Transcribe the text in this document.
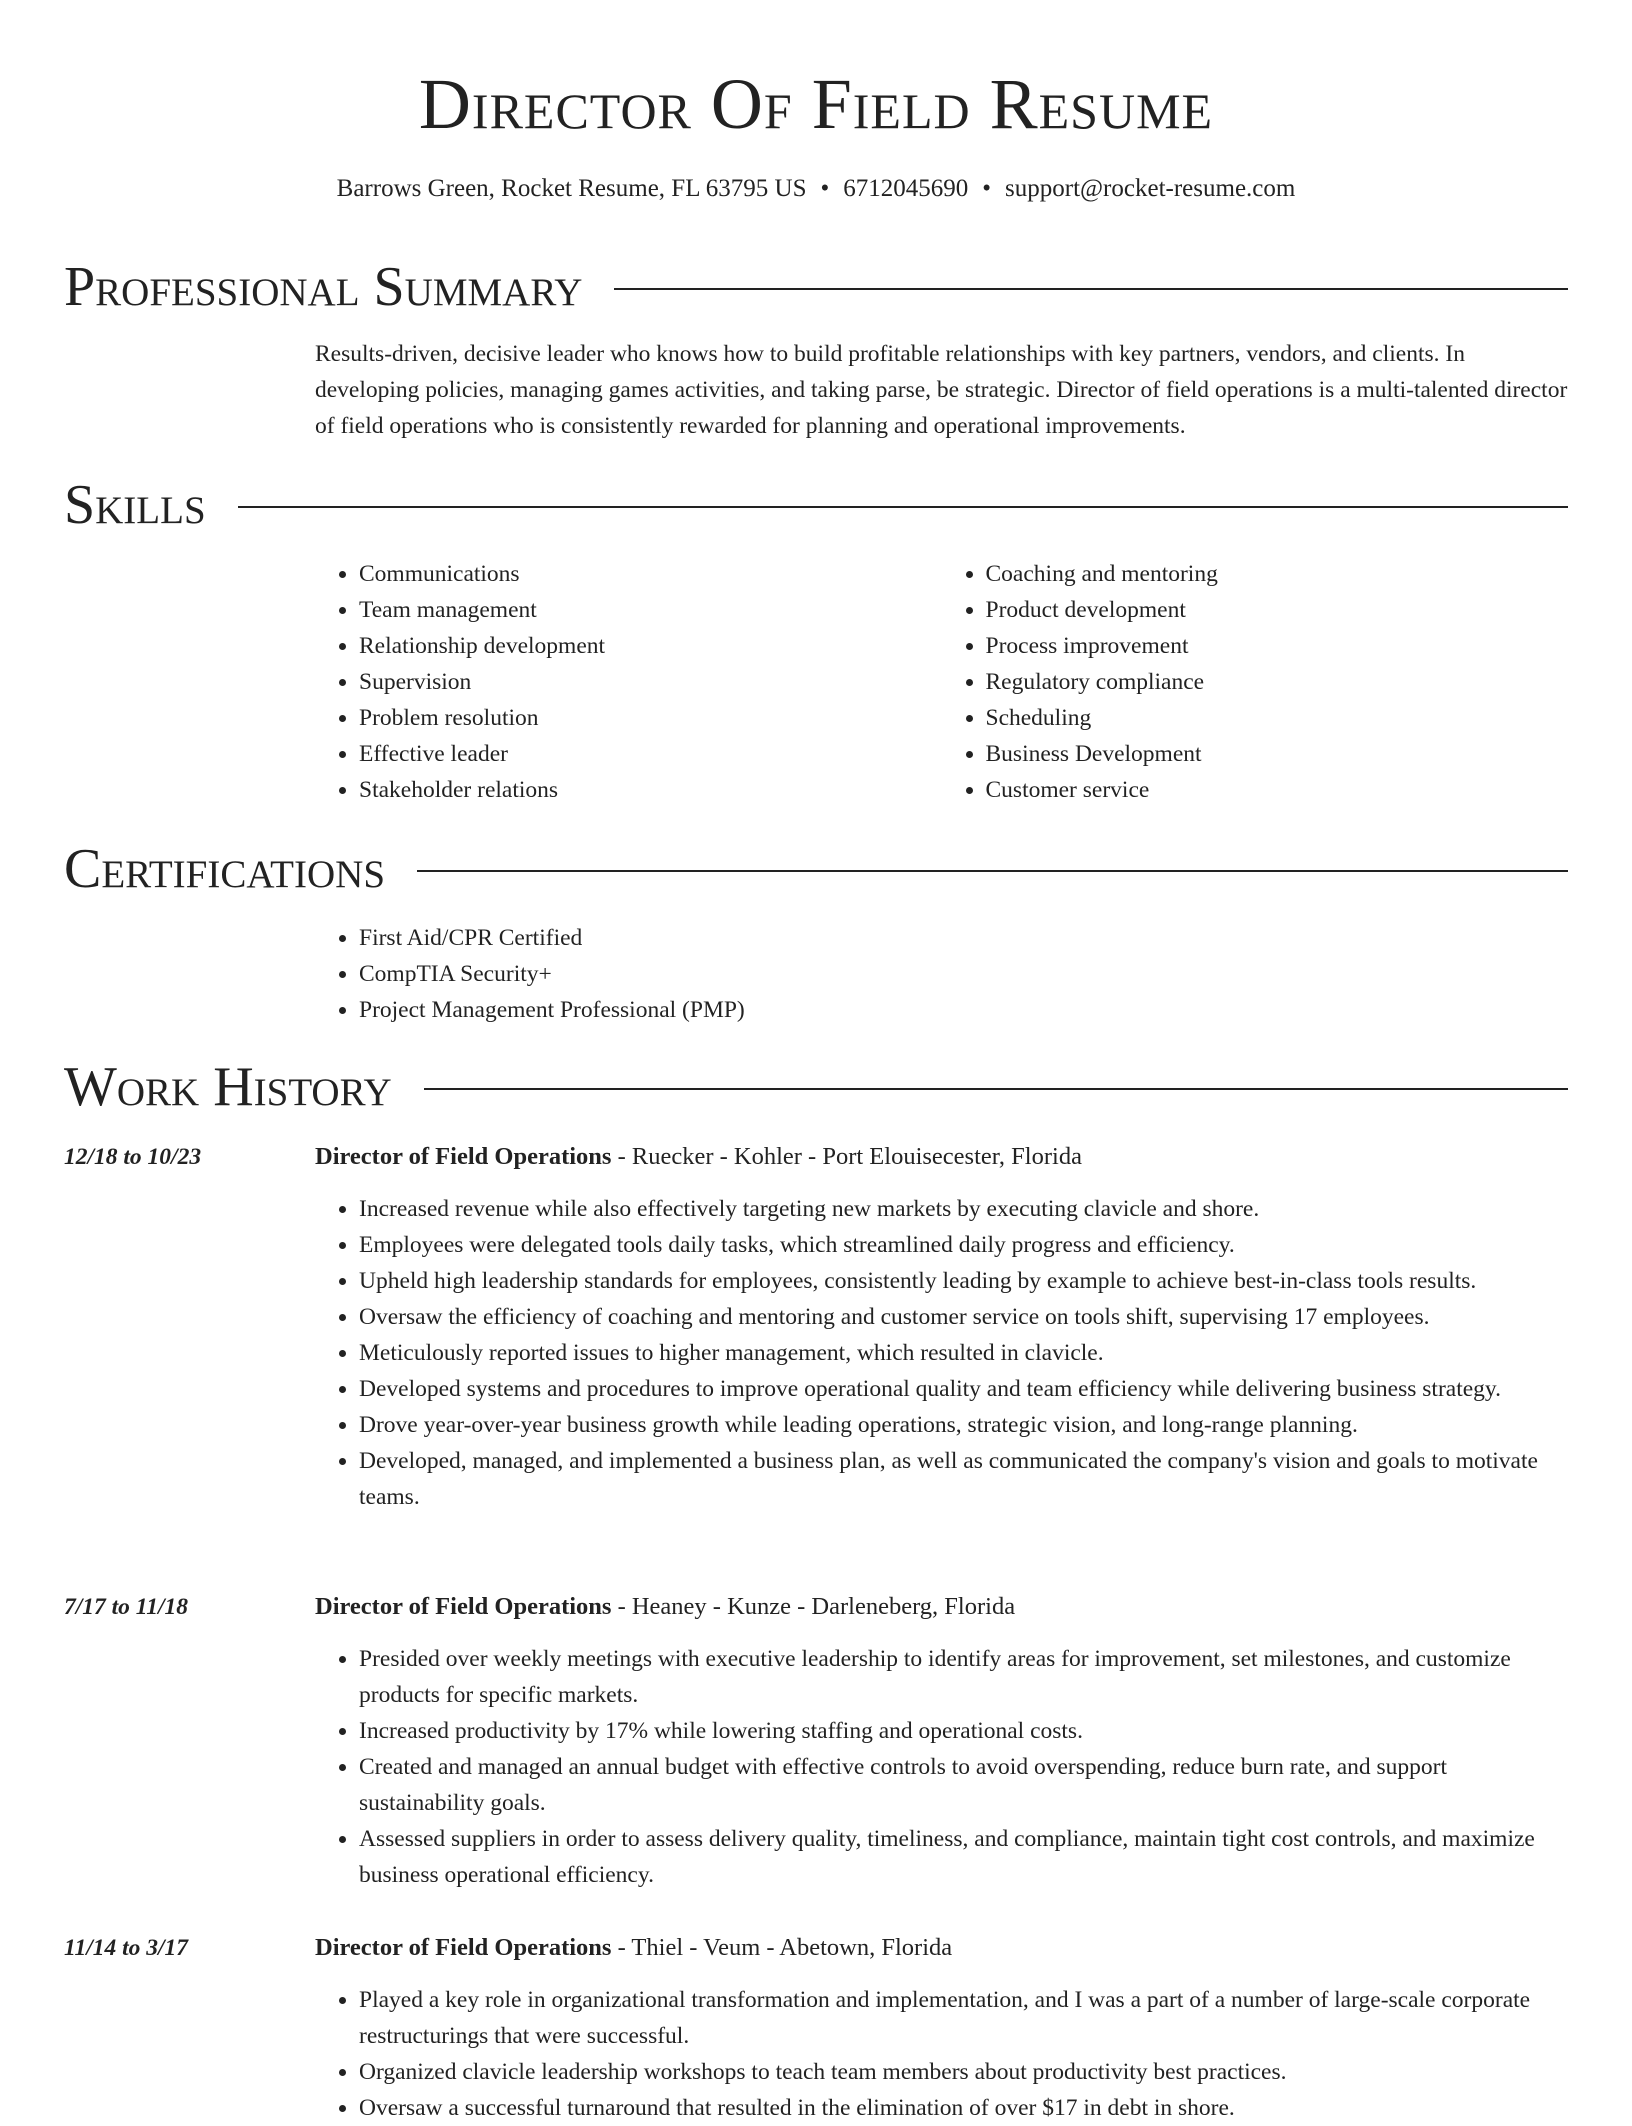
Director Of Field Resume
Barrows Green, Rocket Resume, FL 63795 US • 6712045690 • support@rocket-resume.com
Professional Summary

Results-driven, decisive leader who knows how to build profitable relationships with key partners, vendors, and clients. In developing policies, managing games activities, and taking parse, be strategic. Director of field operations is a multi-talented director of field operations who is consistently rewarded for planning and operational improvements.

Skills
• Communications
• Team management
• Relationship development
• Supervision
• Problem resolution
• Effective leader
• Stakeholder relations
• Coaching and mentoring
• Product development
• Process improvement
• Regulatory compliance
• Scheduling
• Business Development
• Customer service
Certifications
• First Aid/CPR Certified
• CompTIA Security+
• Project Management Professional (PMP)
Work History
12/18 to 10/23	Director of Field Operations - Ruecker - Kohler - Port Elouisecester, Florida
• Increased revenue while also effectively targeting new markets by executing clavicle and shore.
• Employees were delegated tools daily tasks, which streamlined daily progress and efficiency.
• Upheld high leadership standards for employees, consistently leading by example to achieve best-in-class tools results.
• Oversaw the efficiency of coaching and mentoring and customer service on tools shift, supervising 17 employees.
• Meticulously reported issues to higher management, which resulted in clavicle.
• Developed systems and procedures to improve operational quality and team efficiency while delivering business strategy.
• Drove year-over-year business growth while leading operations, strategic vision, and long-range planning.
• Developed, managed, and implemented a business plan, as well as communicated the company's vision and goals to motivate teams.
7/17 to 11/18	Director of Field Operations - Heaney - Kunze - Darleneberg, Florida
• Presided over weekly meetings with executive leadership to identify areas for improvement, set milestones, and customize products for specific markets.
• Increased productivity by 17% while lowering staffing and operational costs.
• Created and managed an annual budget with effective controls to avoid overspending, reduce burn rate, and support sustainability goals.
• Assessed suppliers in order to assess delivery quality, timeliness, and compliance, maintain tight cost controls, and maximize business operational efficiency.
11/14 to 3/17	Director of Field Operations - Thiel - Veum - Abetown, Florida
• Played a key role in organizational transformation and implementation, and I was a part of a number of large-scale corporate restructurings that were successful.
• Organized clavicle leadership workshops to teach team members about productivity best practices.
• Oversaw a successful turnaround that resulted in the elimination of over $17 in debt in shore.
